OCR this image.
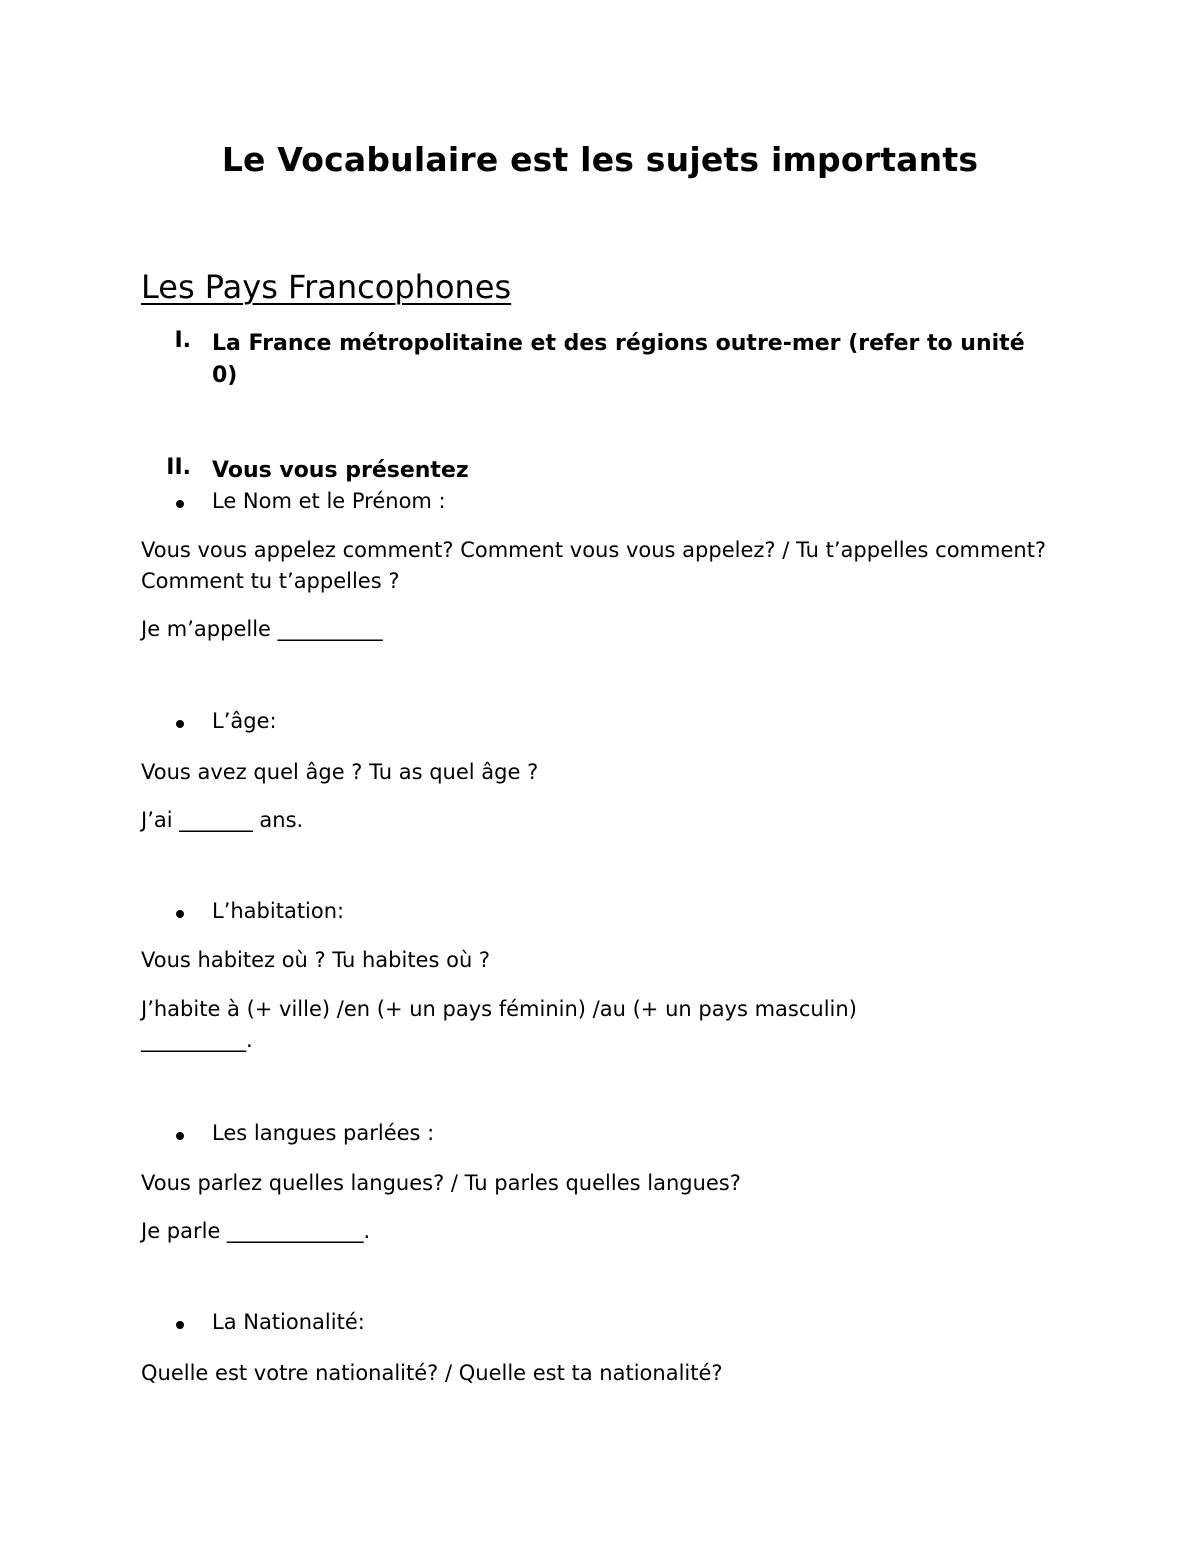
Le Vocabulaire est les sujets importants
Les Pays Francophones
I. La France métropolitaine et des régions outre-mer (refer to unité 0)
II. Vous vous présentez
Le Nom et le Prénom :
Vous vous appelez comment? Comment vous vous appelez? / Tu t’appelles comment? Comment tu t’appelles ?
Je m’appelle __________
L’âge:
Vous avez quel âge ? Tu as quel âge ?
J’ai _______ ans.
L’habitation:
Vous habitez où ? Tu habites où ?
J’habite à (+ ville) /en (+ un pays féminin) /au (+ un pays masculin)
__________.
Les langues parlées :
Vous parlez quelles langues? / Tu parles quelles langues?
Je parle _____________.
La Nationalité:
Quelle est votre nationalité? / Quelle est ta nationalité?
